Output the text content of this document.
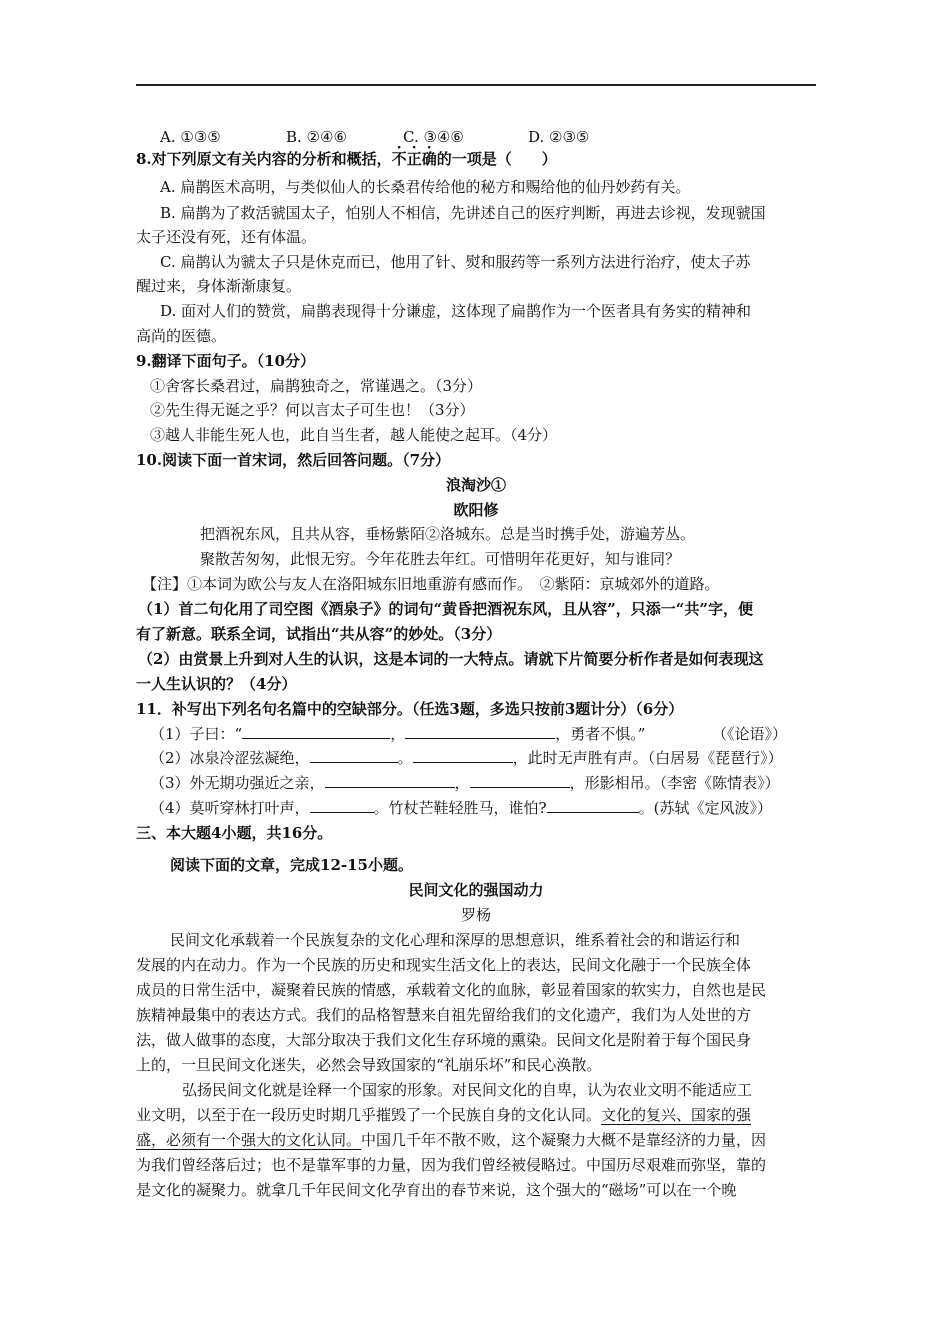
A. ①③⑤	B. ②④⑥	C. ③④⑥	D. ②③⑤
8.对下列原文有关内容的分析和概括，不正确的一项是（　　）
A. 扁鹊医术高明，与类似仙人的长桑君传给他的秘方和赐给他的仙丹妙药有关。
B. 扁鹊为了救活虢国太子，怕别人不相信，先讲述自己的医疗判断，再进去诊视，发现虢国
太子还没有死，还有体温。
C. 扁鹊认为虢太子只是休克而已，他用了针、熨和服药等一系列方法进行治疗，使太子苏
醒过来，身体渐渐康复。
D. 面对人们的赞赏，扁鹊表现得十分谦虚，这体现了扁鹊作为一个医者具有务实的精神和
高尚的医德。
9.翻译下面句子。（10分）
①舍客长桑君过，扁鹊独奇之，常谨遇之。（3分）
②先生得无诞之乎？何以言太子可生也！（3分）
③越人非能生死人也，此自当生者，越人能使之起耳。（4分）
10.阅读下面一首宋词，然后回答问题。（7分）
浪淘沙①
欧阳修
把酒祝东风，且共从容，垂杨紫陌②洛城东。总是当时携手处，游遍芳丛。
聚散苦匆匆，此恨无穷。今年花胜去年红。可惜明年花更好，知与谁同？
【注】①本词为欧公与友人在洛阳城东旧地重游有感而作。　②紫陌：京城郊外的道路。
（1）首二句化用了司空图《酒泉子》的词句“黄昏把酒祝东风，且从容”，只添一“共”字，便
有了新意。联系全词，试指出“共从容”的妙处。（3分）
（2）由赏景上升到对人生的认识，这是本词的一大特点。请就下片简要分析作者是如何表现这
一人生认识的？（4分）
11．补写出下列名句名篇中的空缺部分。（任选3题，多选只按前3题计分）（6分）
（1）子曰：“	，	，勇者不惧。”	（《论语》）
（2）冰泉冷涩弦凝绝，	。	，此时无声胜有声。（白居易《琵琶行》）
（3）外无期功强近之亲，	，	，形影相吊。（李密《陈情表》）
（4）莫听穿林打叶声，	。竹杖芒鞋轻胜马，谁怕?	。(苏轼《定风波》）
三、本大题4小题，共16分。
阅读下面的文章，完成12-15小题。
民间文化的强国动力
罗杨
民间文化承载着一个民族复杂的文化心理和深厚的思想意识，维系着社会的和谐运行和
发展的内在动力。作为一个民族的历史和现实生活文化上的表达，民间文化融于一个民族全体
成员的日常生活中，凝聚着民族的情感，承载着文化的血脉，彰显着国家的软实力，自然也是民
族精神最集中的表达方式。我们的品格智慧来自祖先留给我们的文化遗产，我们为人处世的方
法，做人做事的态度，大部分取决于我们文化生存环境的熏染。民间文化是附着于每个国民身
上的，一旦民间文化迷失，必然会导致国家的“礼崩乐坏”和民心涣散。
弘扬民间文化就是诠释一个国家的形象。对民间文化的自卑，认为农业文明不能适应工
业文明，以至于在一段历史时期几乎摧毁了一个民族自身的文化认同。文化的复兴、国家的强
盛，必须有一个强大的文化认同。中国几千年不散不败，这个凝聚力大概不是靠经济的力量，因
为我们曾经落后过；也不是靠军事的力量，因为我们曾经被侵略过。中国历尽艰难而弥坚，靠的
是文化的凝聚力。就拿几千年民间文化孕育出的春节来说，这个强大的“磁场”可以在一个晚
